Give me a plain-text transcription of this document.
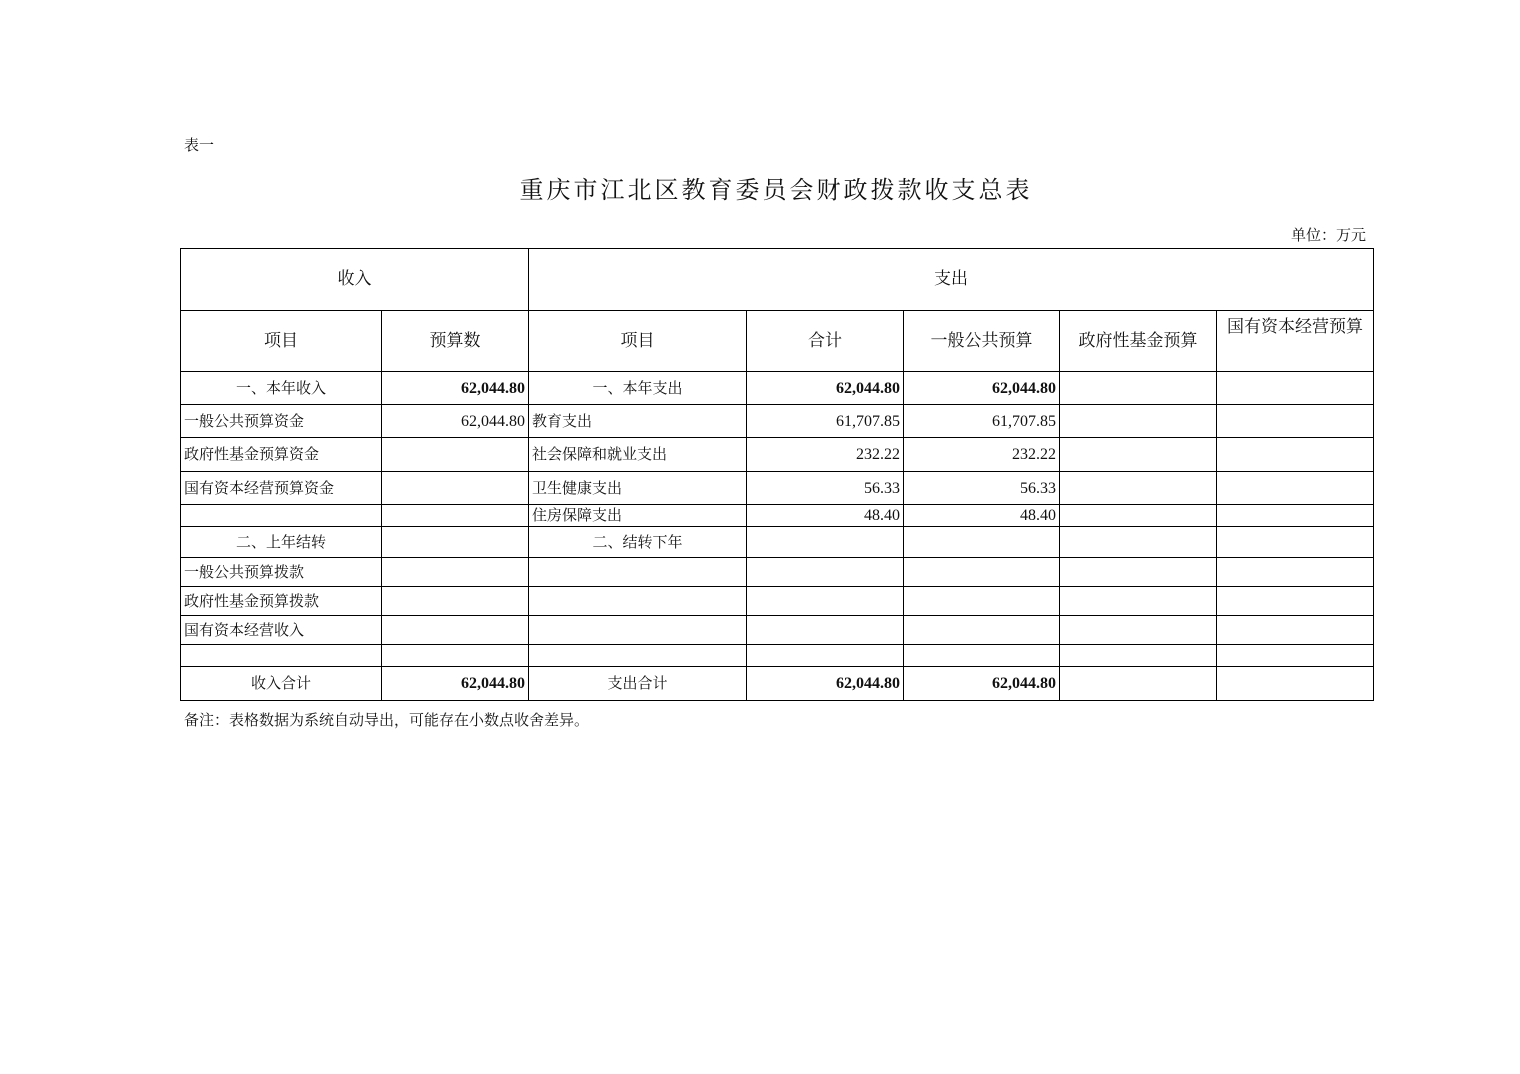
表一
重庆市江北区教育委员会财政拨款收支总表
单位：万元
收入		支出				
项目	预算数	项目	合计	一般公共预算	政府性基金预算	国有资本经营预算
一、本年收入	62,044.80	一、本年支出	62,044.80	62,044.80		
一般公共预算资金	62,044.80	教育支出	61,707.85	61,707.85		
政府性基金预算资金		社会保障和就业支出	232.22	232.22		
国有资本经营预算资金		卫生健康支出	56.33	56.33		
		住房保障支出	48.40	48.40		
二、上年结转		二、结转下年				
一般公共预算拨款						
政府性基金预算拨款						
国有资本经营收入						

收入合计	62,044.80	支出合计	62,044.80	62,044.80		
备注：表格数据为系统自动导出，可能存在小数点收舍差异。
